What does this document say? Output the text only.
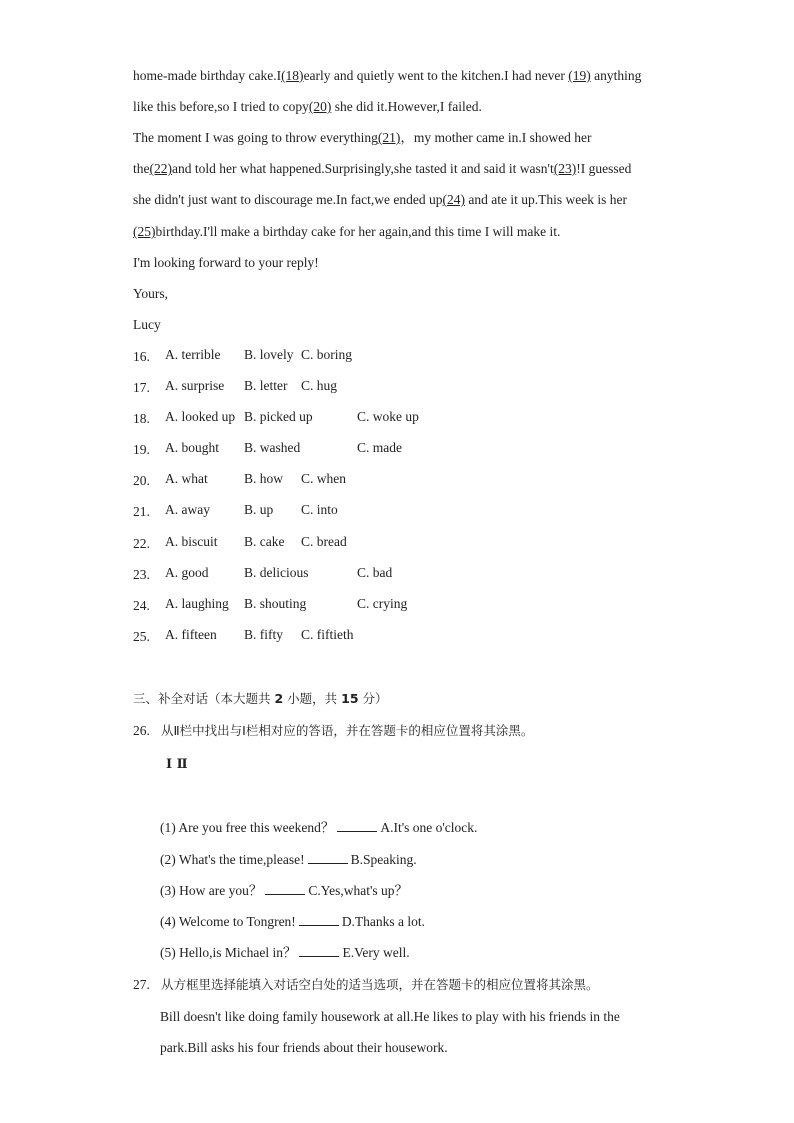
home-made birthday cake.I(18)early and quietly went to the kitchen.I had never (19) anything
like this before,so I tried to copy(20) she did it.However,I failed.
The moment I was going to throw everything(21)，my mother came in.I showed her
the(22)and told her what happened.Surprisingly,she tasted it and said it wasn't(23)!I guessed
she didn't just want to discourage me.In fact,we ended up(24) and ate it up.This week is her
(25)birthday.I'll make a birthday cake for her again,and this time I will make it.
I'm looking forward to your reply!
Yours,
Lucy
16.	A. terrible B. lovely C. boring
17.	A. surprise B. letter C. hug
18.	A. looked up B. picked up	C. woke up
19.	A. bought B. washed	C. made
20.	A. what	B. how C. when
21.	A. away	B. up C. into
22.	A. biscuit B. cake C. bread
23.	A. good	B. delicious	C. bad
24.	A. laughing B. shouting	C. crying
25.	A. fifteen B. fifty C. fiftieth
三、补全对话（本大题共 2 小题，共 15 分）
26. 从Ⅱ栏中找出与Ⅰ栏相对应的答语，并在答题卡的相应位置将其涂黑。
Ⅰ Ⅱ
(1) Are you free this weekend？	A.It's one o'clock.
(2) What's the time,please!	B.Speaking.
(3) How are you？	C.Yes,what's up？
(4) Welcome to Tongren!	D.Thanks a lot.
(5) Hello,is Michael in？	E.Very well.
27. 从方框里选择能填入对话空白处的适当选项，并在答题卡的相应位置将其涂黑。
Bill doesn't like doing family housework at all.He likes to play with his friends in the
park.Bill asks his four friends about their housework.
